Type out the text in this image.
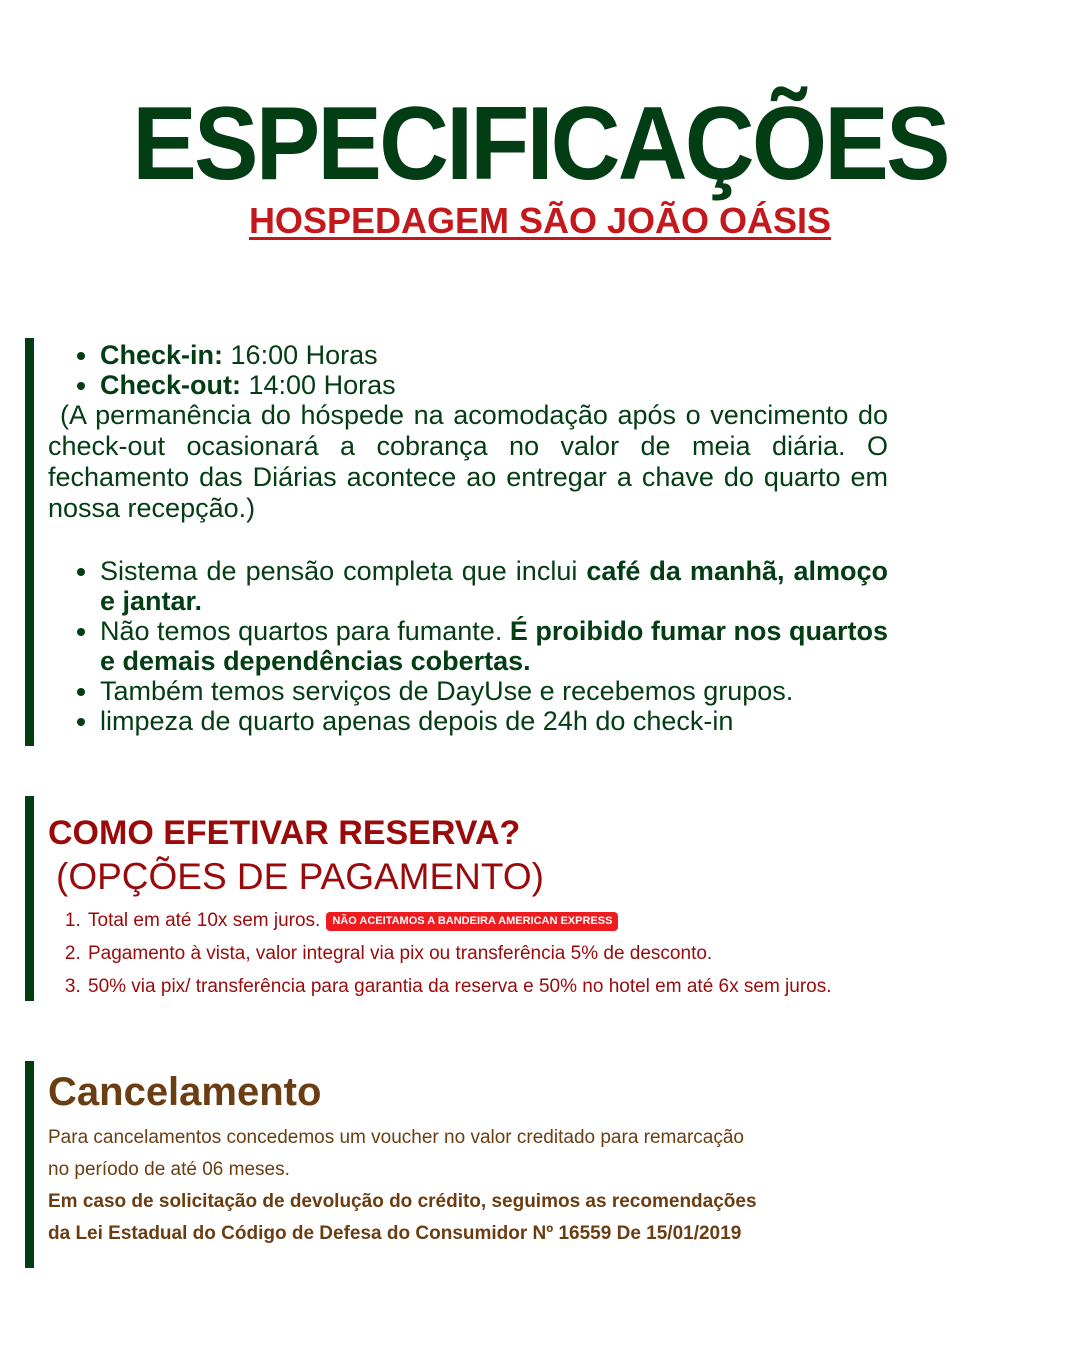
ESPECIFICAÇÕES
HOSPEDAGEM SÃO JOÃO OÁSIS
• Check-in: 16:00 Horas
• Check-out: 14:00 Horas

(A permanência do hóspede na acomodação após o vencimento do check-out ocasionará a cobrança no valor de meia diária. O fechamento das Diárias acontece ao entregar a chave do quarto em nossa recepção.)

• Sistema de pensão completa que inclui café da manhã, almoço e jantar.
• Não temos quartos para fumante. É proibido fumar nos quartos e demais dependências cobertas.
• Também temos serviços de DayUse e recebemos grupos.
• limpeza de quarto apenas depois de 24h do check-in
COMO EFETIVAR RESERVA?
(OPÇÕES DE PAGAMENTO)
1. Total em até 10x sem juros. NÃO ACEITAMOS A BANDEIRA AMERICAN EXPRESS
2. Pagamento à vista, valor integral via pix ou transferência 5% de desconto.
3. 50% via pix/ transferência para garantia da reserva e 50% no hotel em até 6x sem juros.
Cancelamento

Para cancelamentos concedemos um voucher no valor creditado para remarcação

no período de até 06 meses.

Em caso de solicitação de devolução do crédito, seguimos as recomendações

da Lei Estadual do Código de Defesa do Consumidor Nº 16559 De 15/01/2019
